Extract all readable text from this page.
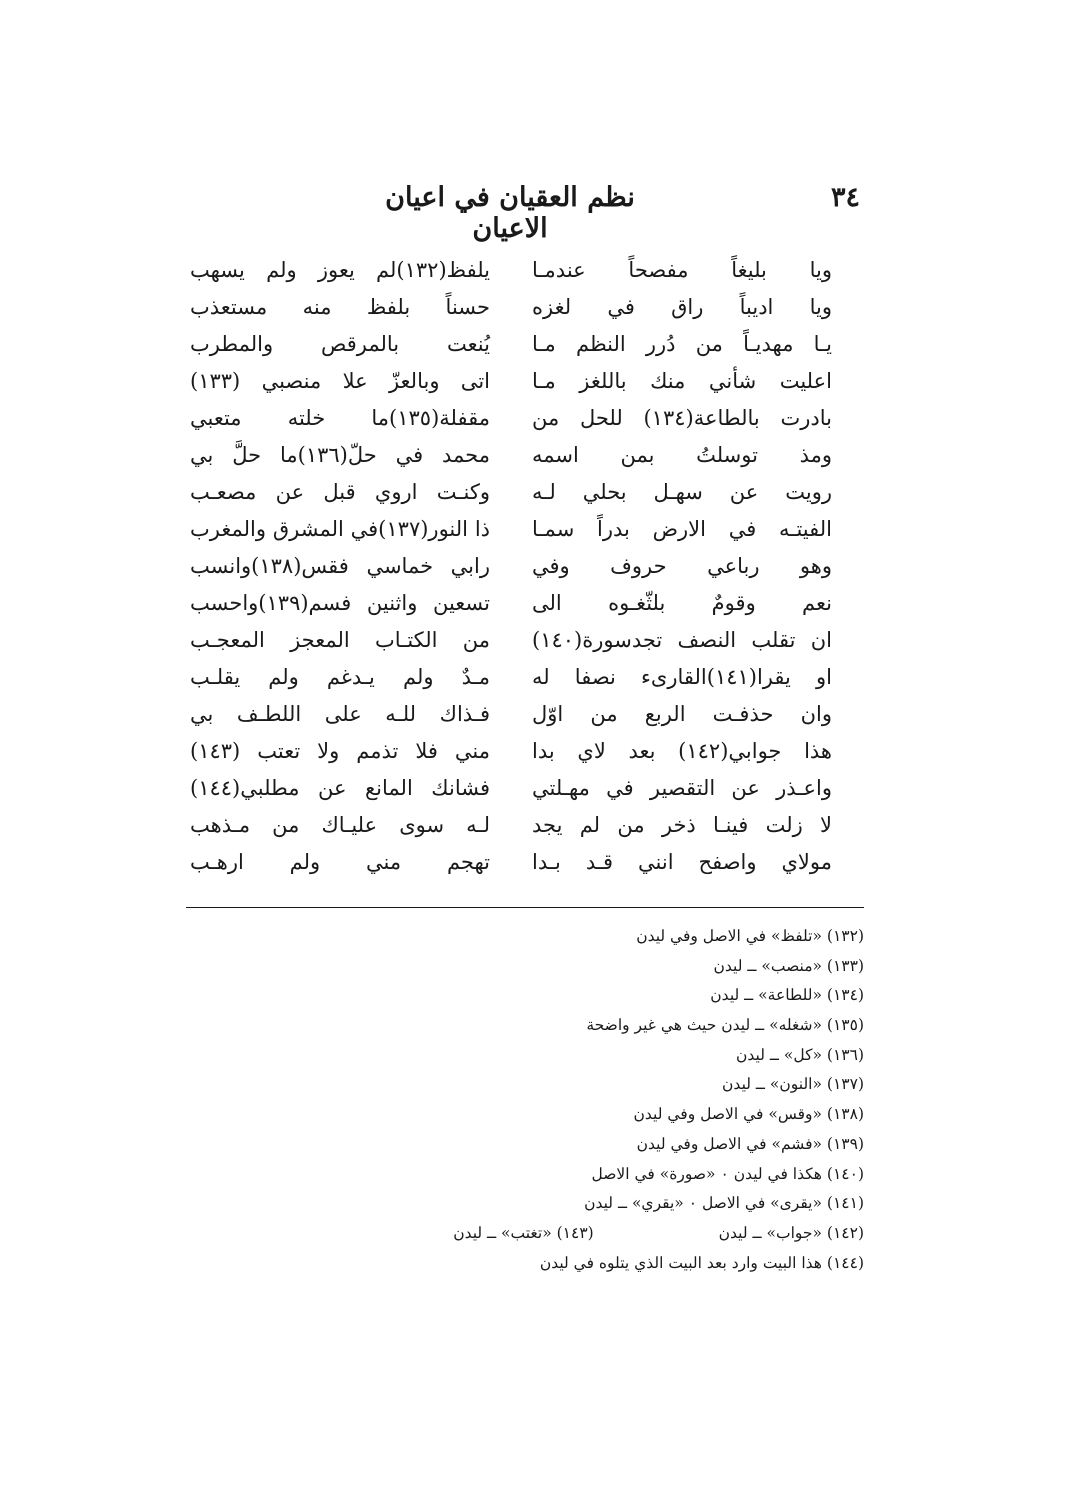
٣٤
نظم العقيان في اعيان الاعيان
ويا بليغاً مفصحاً عندمـا
يلفظ(١٣٢)لم يعوز ولم يسهب
ويا اديباً راق في لغزه
حسناً بلفظ منه مستعذب
يـا مهديـاً من دُرر النظم مـا
يُنعت بالمرقص والمطرب
اعليت شأني منك باللغز مـا
اتى وبالعزّ علا منصبي (١٣٣)
بادرت بالطاعة(١٣٤) للحل من
مقفلة(١٣٥)ما خلته متعبي
ومذ توسلتُ بمن اسمه
محمد في حلّ(١٣٦)ما حلَّ بي
رويت عن سهـل بحلي لـه
وكنـت اروي قبل عن مصعـب
الفيتـه في الارض بدراً سمـا
ذا النور(١٣٧)في المشرق والمغرب
وهو رباعي حروف وفي
رابي خماسي فقس(١٣٨)وانسب
نعم وقومٌ بلثّغـوه الى
تسعين واثنين فسم(١٣٩)واحسب
ان تقلب النصف تجدسورة(١٤٠)
من الكتـاب المعجز المعجـب
او يقرا(١٤١)القارىء نصفا له
مـدٌ ولم يـدغم ولم يقلـب
وان حذفـت الربع من اوّل
فـذاك للـه على اللطـف بي
هذا جوابي(١٤٢) بعد لاي بدا
مني فلا تذمم ولا تعتب (١٤٣)
واعـذر عن التقصير في مهـلتي
فشانك المانع عن مطلبي(١٤٤)
لا زلت فينـا ذخر من لم يجد
لـه سوى عليـاك من مـذهب
مولاي واصفح انني قـد بـدا
تهجم مني ولم ارهـب
(١٣٢) «تلفظ» في الاصل وفي ليدن
(١٣٣) «منصب» ــ ليدن
(١٣٤) «للطاعة» ــ ليدن
(١٣٥) «شغله» ــ ليدن حيث هي غير واضحة
(١٣٦) «كل» ــ ليدن
(١٣٧) «النون» ــ ليدن
(١٣٨) «وقس» في الاصل وفي ليدن
(١٣٩) «فشم» في الاصل وفي ليدن
(١٤٠) هكذا في ليدن ٠ «صورة» في الاصل
(١٤١) «يقرى» في الاصل ٠ «يقري» ــ ليدن
(١٤٢) «جواب» ــ ليدن (١٤٣) «تغتب» ــ ليدن
(١٤٤) هذا البيت وارد بعد البيت الذي يتلوه في ليدن
